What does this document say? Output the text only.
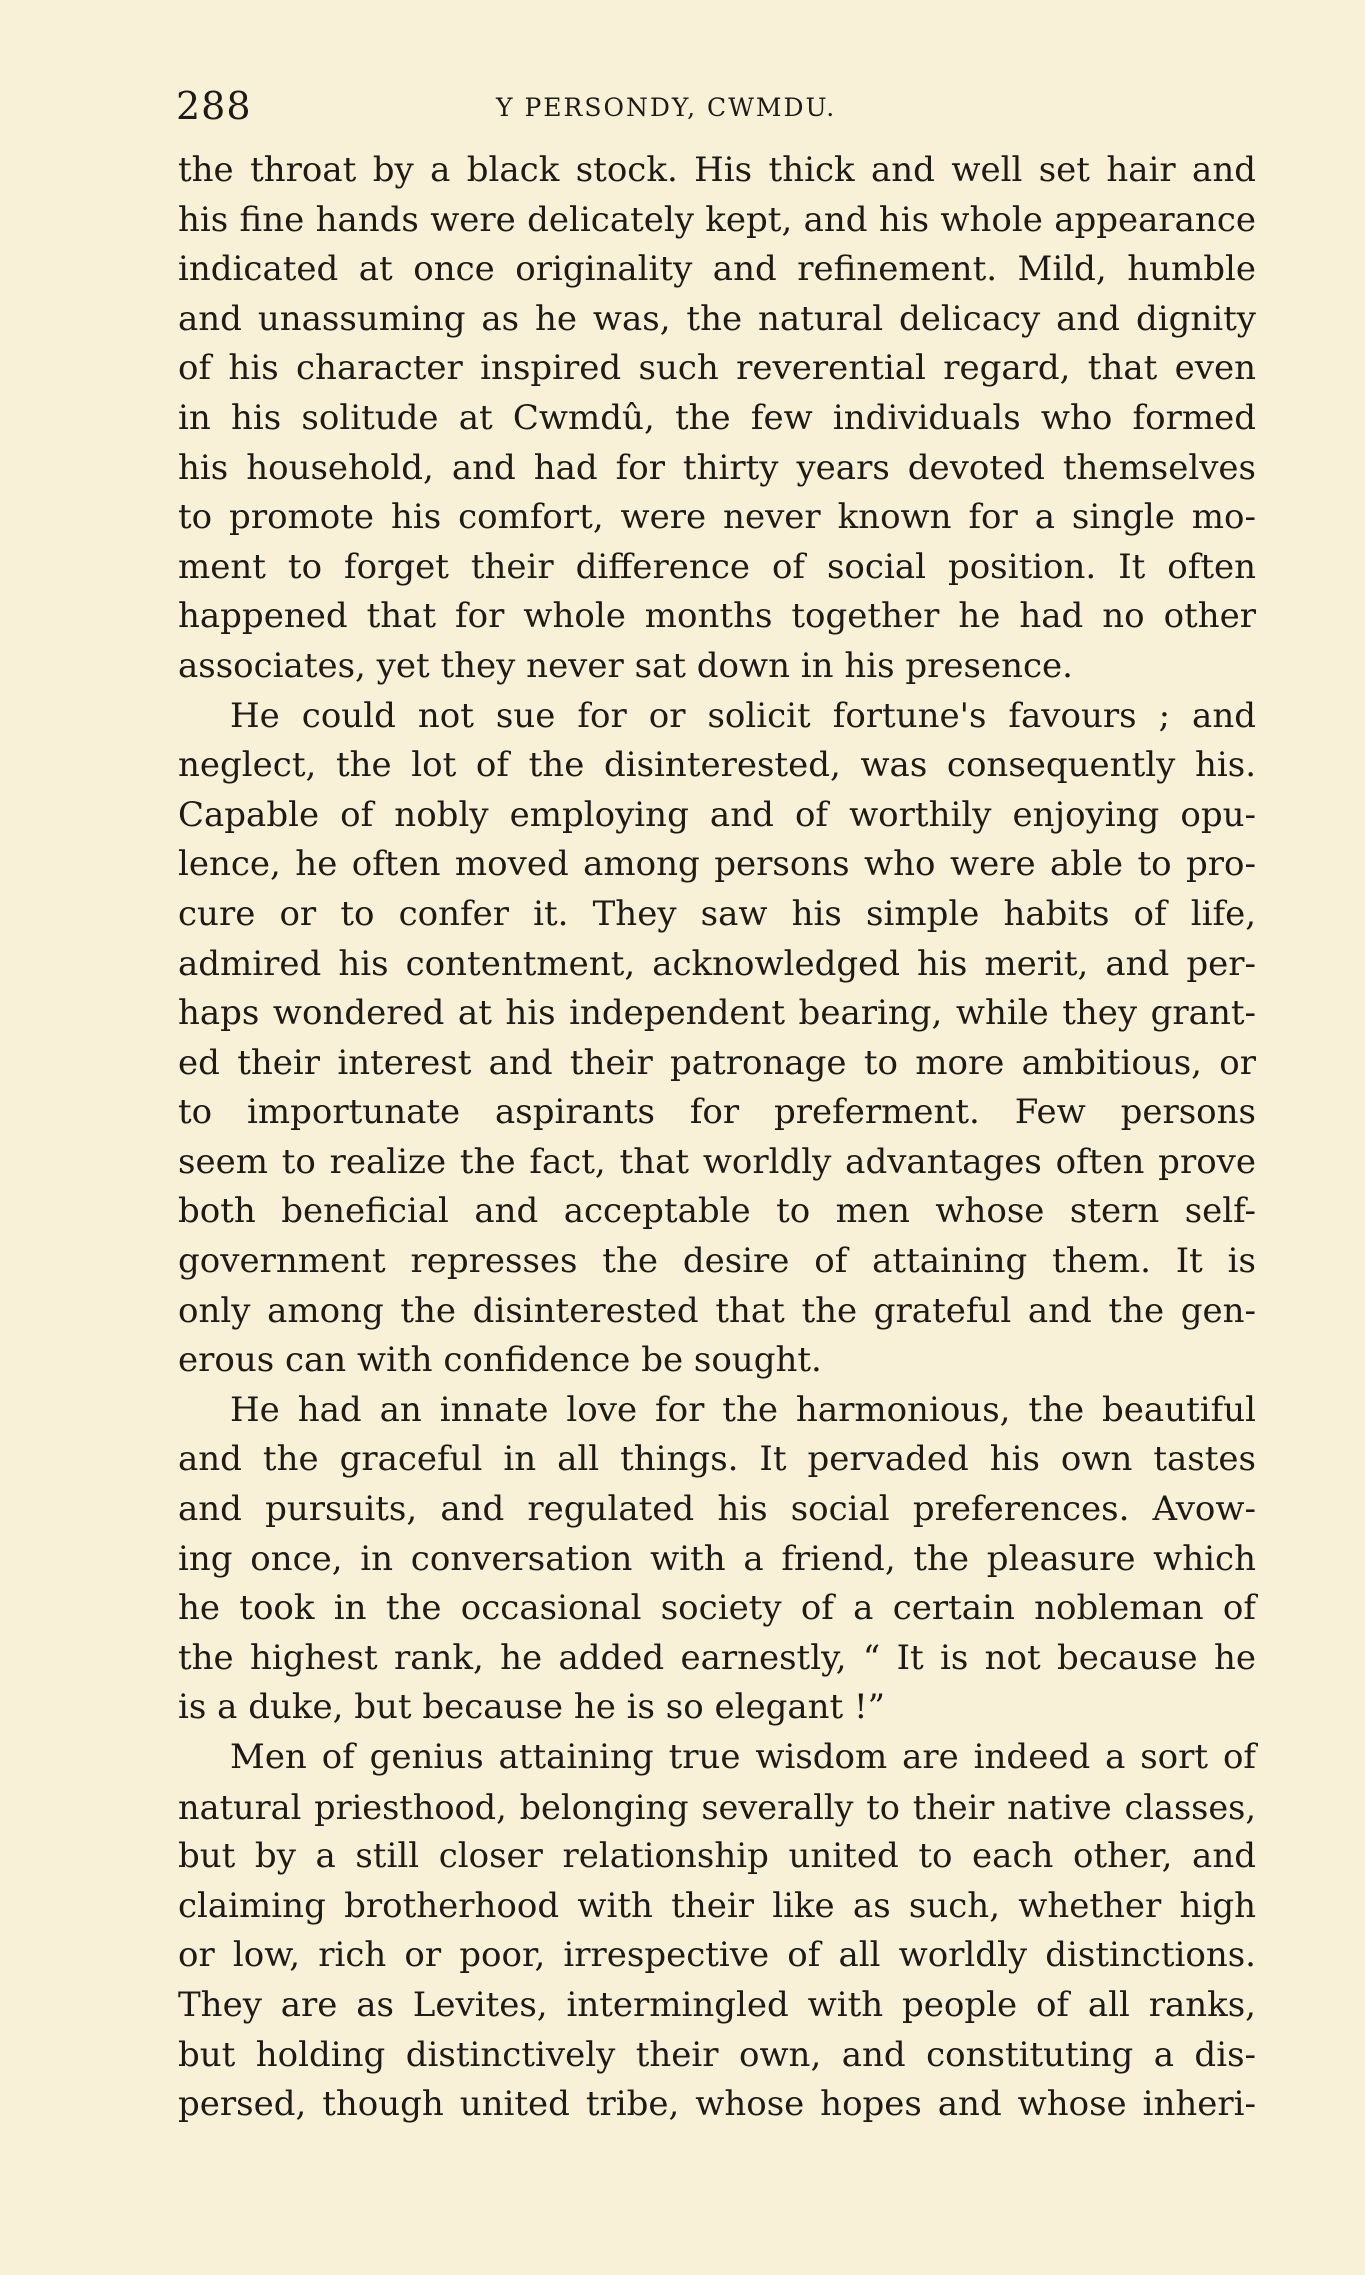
288	Y PERSONDY, CWMDU.
the throat by a black stock. His thick and well set hair and
his fine hands were delicately kept, and his whole appearance
indicated at once originality and refinement. Mild, humble
and unassuming as he was, the natural delicacy and dignity
of his character inspired such reverential regard, that even
in his solitude at Cwmdû, the few individuals who formed
his household, and had for thirty years devoted themselves
to promote his comfort, were never known for a single mo-
ment to forget their difference of social position. It often
happened that for whole months together he had no other
associates, yet they never sat down in his presence.
He could not sue for or solicit fortune's favours ; and
neglect, the lot of the disinterested, was consequently his.
Capable of nobly employing and of worthily enjoying opu-
lence, he often moved among persons who were able to pro-
cure or to confer it. They saw his simple habits of life,
admired his contentment, acknowledged his merit, and per-
haps wondered at his independent bearing, while they grant-
ed their interest and their patronage to more ambitious, or
to importunate aspirants for preferment. Few persons
seem to realize the fact, that worldly advantages often prove
both beneficial and acceptable to men whose stern self-
government represses the desire of attaining them. It is
only among the disinterested that the grateful and the gen-
erous can with confidence be sought.
He had an innate love for the harmonious, the beautiful
and the graceful in all things. It pervaded his own tastes
and pursuits, and regulated his social preferences. Avow-
ing once, in conversation with a friend, the pleasure which
he took in the occasional society of a certain nobleman of
the highest rank, he added earnestly, “ It is not because he
is a duke, but because he is so elegant !”
Men of genius attaining true wisdom are indeed a sort of
natural priesthood, belonging severally to their native classes,
but by a still closer relationship united to each other, and
claiming brotherhood with their like as such, whether high
or low, rich or poor, irrespective of all worldly distinctions.
They are as Levites, intermingled with people of all ranks,
but holding distinctively their own, and constituting a dis-
persed, though united tribe, whose hopes and whose inheri-
